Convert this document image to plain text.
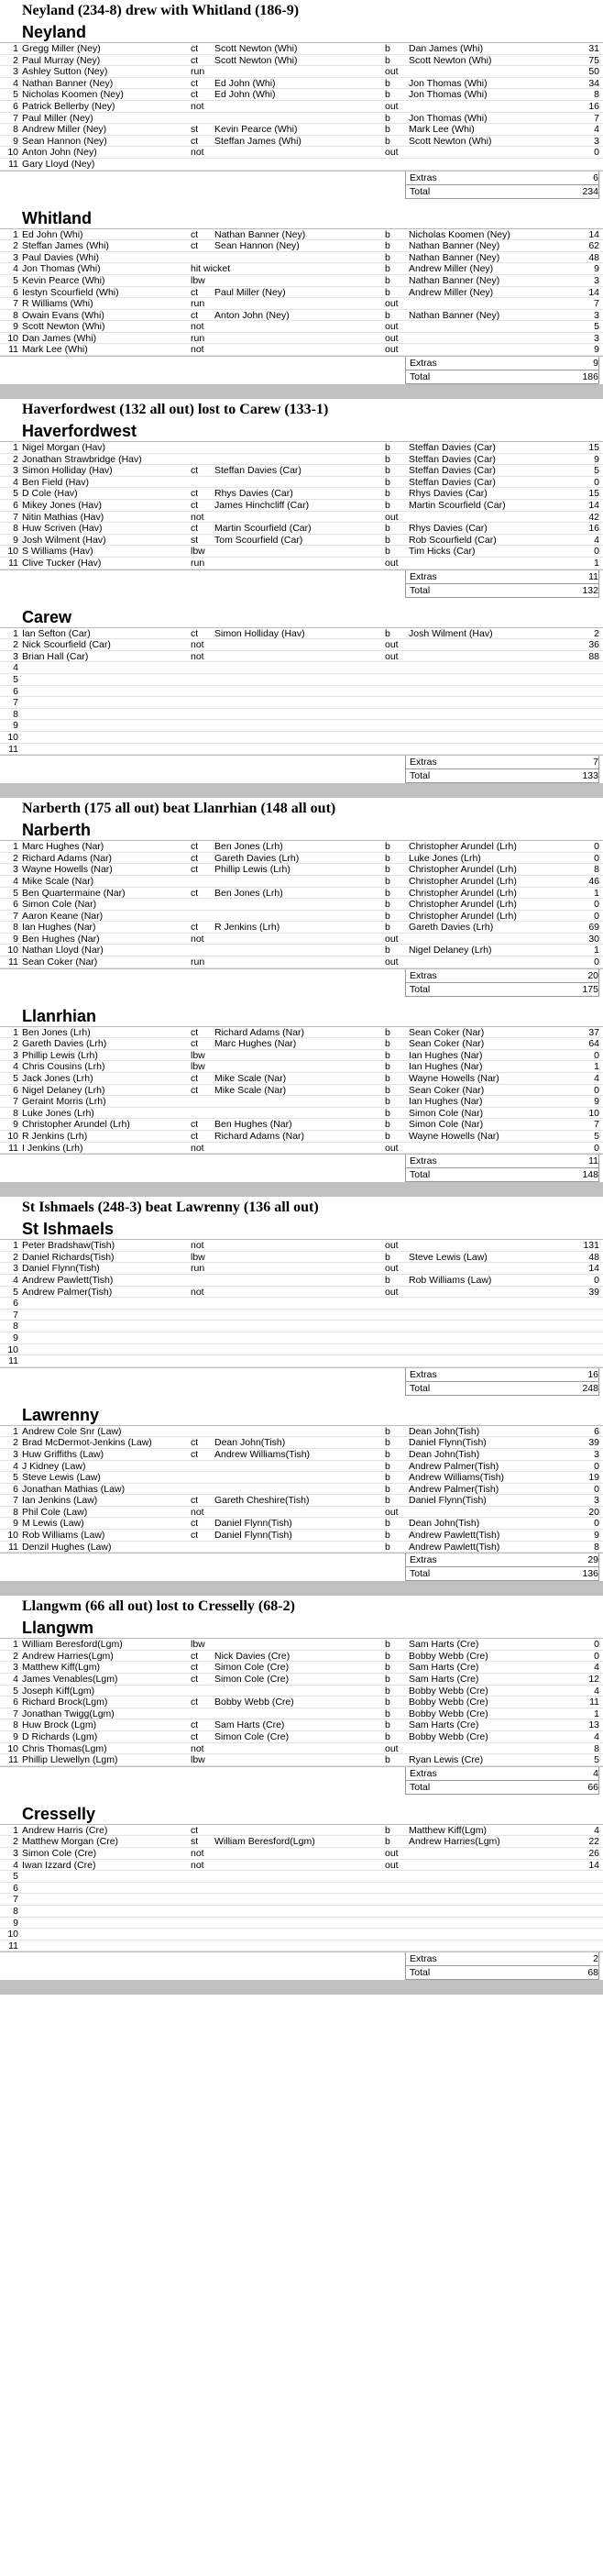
Neyland (234-8) drew with Whitland (186-9)
Neyland
1 Gregg Miller (Ney)	ct	Scott Newton (Whi)	b	Dan James (Whi)	31
2 Paul Murray (Ney)	ct	Scott Newton (Whi)	b	Scott Newton (Whi)	75
3 Ashley Sutton (Ney)	run	out	50
4 Nathan Banner (Ney)	ct	Ed John (Whi)	b	Jon Thomas (Whi)	34
5 Nicholas Koomen (Ney)	ct	Ed John (Whi)	b	Jon Thomas (Whi)	8
6 Patrick Bellerby (Ney)	not	out	16
7 Paul Miller (Ney)	b	Jon Thomas (Whi)	7
8 Andrew Miller (Ney)	st	Kevin Pearce (Whi)	b	Mark Lee (Whi)	4
9 Sean Hannon (Ney)	ct	Steffan James (Whi)	b	Scott Newton (Whi)	3
10 Anton John (Ney)	not	out	0
11 Gary Lloyd (Ney)
Extras	6
Total	234
Whitland
1 Ed John (Whi)	ct	Nathan Banner (Ney)	b	Nicholas Koomen (Ney)	14
2 Steffan James (Whi)	ct	Sean Hannon (Ney)	b	Nathan Banner (Ney)	62
3 Paul Davies (Whi)	b	Nathan Banner (Ney)	48
4 Jon Thomas (Whi)	hit wicket	b	Andrew Miller (Ney)	9
5 Kevin Pearce (Whi)	lbw	b	Nathan Banner (Ney)	3
6 Iestyn Scourfield (Whi)	ct	Paul Miller (Ney)	b	Andrew Miller (Ney)	14
7 R Williams (Whi)	run	out	7
8 Owain Evans (Whi)	ct	Anton John (Ney)	b	Nathan Banner (Ney)	3
9 Scott Newton (Whi)	not	out	5
10 Dan James (Whi)	run	out	3
11 Mark Lee (Whi)	not	out	9
Extras	9
Total	186
Haverfordwest (132 all out) lost to Carew (133-1)
Haverfordwest
1 Nigel Morgan (Hav)	b	Steffan Davies (Car)	15
2 Jonathan Strawbridge (Hav)	b	Steffan Davies (Car)	9
3 Simon Holliday (Hav)	ct	Steffan Davies (Car)	b	Steffan Davies (Car)	5
4 Ben Field (Hav)	b	Steffan Davies (Car)	0
5 D Cole (Hav)	ct	Rhys Davies (Car)	b	Rhys Davies (Car)	15
6 Mikey Jones (Hav)	ct	James Hinchcliff (Car)	b	Martin Scourfield (Car)	14
7 Nitin Mathias (Hav)	not	out	42
8 Huw Scriven (Hav)	ct	Martin Scourfield (Car)	b	Rhys Davies (Car)	16
9 Josh Wilment (Hav)	st	Tom Scourfield (Car)	b	Rob Scourfield (Car)	4
10 S Williams (Hav)	lbw	b	Tim Hicks (Car)	0
11 Clive Tucker (Hav)	run	out	1
Extras	11
Total	132
Carew
1 Ian Sefton (Car)	ct	Simon Holliday (Hav)	b	Josh Wilment (Hav)	2
2 Nick Scourfield (Car)	not	out	36
3 Brian Hall (Car)	not	out	88
4
5
6
7
8
9
10
11
Extras	7
Total	133
Narberth (175 all out) beat Llanrhian (148 all out)
Narberth
1 Marc Hughes (Nar)	ct	Ben Jones (Lrh)	b	Christopher Arundel (Lrh)	0
2 Richard Adams (Nar)	ct	Gareth Davies (Lrh)	b	Luke Jones (Lrh)	0
3 Wayne Howells (Nar)	ct	Phillip Lewis (Lrh)	b	Christopher Arundel (Lrh)	8
4 Mike Scale (Nar)	b	Christopher Arundel (Lrh)	46
5 Ben Quartermaine (Nar)	ct	Ben Jones (Lrh)	b	Christopher Arundel (Lrh)	1
6 Simon Cole (Nar)	b	Christopher Arundel (Lrh)	0
7 Aaron Keane (Nar)	b	Christopher Arundel (Lrh)	0
8 Ian Hughes (Nar)	ct	R Jenkins (Lrh)	b	Gareth Davies (Lrh)	69
9 Ben Hughes (Nar)	not	out	30
10 Nathan Lloyd (Nar)	b	Nigel Delaney (Lrh)	1
11 Sean Coker (Nar)	run	out	0
Extras	20
Total	175
Llanrhian
1 Ben Jones (Lrh)	ct	Richard Adams (Nar)	b	Sean Coker (Nar)	37
2 Gareth Davies (Lrh)	ct	Marc Hughes (Nar)	b	Sean Coker (Nar)	64
3 Phillip Lewis (Lrh)	lbw	b	Ian Hughes (Nar)	0
4 Chris Cousins (Lrh)	lbw	b	Ian Hughes (Nar)	1
5 Jack Jones (Lrh)	ct	Mike Scale (Nar)	b	Wayne Howells (Nar)	4
6 Nigel Delaney (Lrh)	ct	Mike Scale (Nar)	b	Sean Coker (Nar)	0
7 Geraint Morris (Lrh)	b	Ian Hughes (Nar)	9
8 Luke Jones (Lrh)	b	Simon Cole (Nar)	10
9 Christopher Arundel (Lrh)	ct	Ben Hughes (Nar)	b	Simon Cole (Nar)	7
10 R Jenkins (Lrh)	ct	Richard Adams (Nar)	b	Wayne Howells (Nar)	5
11 I Jenkins (Lrh)	not	out	0
Extras	11
Total	148
St Ishmaels (248-3) beat Lawrenny (136 all out)
St Ishmaels
1 Peter Bradshaw(Tish)	not	out	131
2 Daniel Richards(Tish)	lbw	b	Steve Lewis (Law)	48
3 Daniel Flynn(Tish)	run	out	14
4 Andrew Pawlett(Tish)	b	Rob Williams (Law)	0
5 Andrew Palmer(Tish)	not	out	39
6
7
8
9
10
11
Extras	16
Total	248
Lawrenny
1 Andrew Cole Snr (Law)	b	Dean John(Tish)	6
2 Brad McDermot-Jenkins (Law)	ct	Dean John(Tish)	b	Daniel Flynn(Tish)	39
3 Huw Griffiths (Law)	ct	Andrew Williams(Tish)	b	Dean John(Tish)	3
4 J Kidney (Law)	b	Andrew Palmer(Tish)	0
5 Steve Lewis (Law)	b	Andrew Williams(Tish)	19
6 Jonathan Mathias (Law)	b	Andrew Palmer(Tish)	0
7 Ian Jenkins (Law)	ct	Gareth Cheshire(Tish)	b	Daniel Flynn(Tish)	3
8 Phil Cole (Law)	not	out	20
9 M Lewis (Law)	ct	Daniel Flynn(Tish)	b	Dean John(Tish)	0
10 Rob Williams (Law)	ct	Daniel Flynn(Tish)	b	Andrew Pawlett(Tish)	9
11 Denzil Hughes (Law)	b	Andrew Pawlett(Tish)	8
Extras	29
Total	136
Llangwm (66 all out) lost to Cresselly (68-2)
Llangwm
1 William Beresford(Lgm)	lbw	b	Sam Harts (Cre)	0
2 Andrew Harries(Lgm)	ct	Nick Davies (Cre)	b	Bobby Webb (Cre)	0
3 Matthew Kiff(Lgm)	ct	Simon Cole (Cre)	b	Sam Harts (Cre)	4
4 James Venables(Lgm)	ct	Simon Cole (Cre)	b	Sam Harts (Cre)	12
5 Joseph Kiff(Lgm)	b	Bobby Webb (Cre)	4
6 Richard Brock(Lgm)	ct	Bobby Webb (Cre)	b	Bobby Webb (Cre)	11
7 Jonathan Twigg(Lgm)	b	Bobby Webb (Cre)	1
8 Huw Brock (Lgm)	ct	Sam Harts (Cre)	b	Sam Harts (Cre)	13
9 D Richards (Lgm)	ct	Simon Cole (Cre)	b	Bobby Webb (Cre)	4
10 Chris Thomas(Lgm)	not	out	8
11 Phillip Llewellyn (Lgm)	lbw	b	Ryan Lewis (Cre)	5
Extras	4
Total	66
Cresselly
1 Andrew Harris (Cre)	ct	b	Matthew Kiff(Lgm)	4
2 Matthew Morgan (Cre)	st	William Beresford(Lgm)	b	Andrew Harries(Lgm)	22
3 Simon Cole (Cre)	not	out	26
4 Iwan Izzard (Cre)	not	out	14
5
6
7
8
9
10
11
Extras	2
Total	68
